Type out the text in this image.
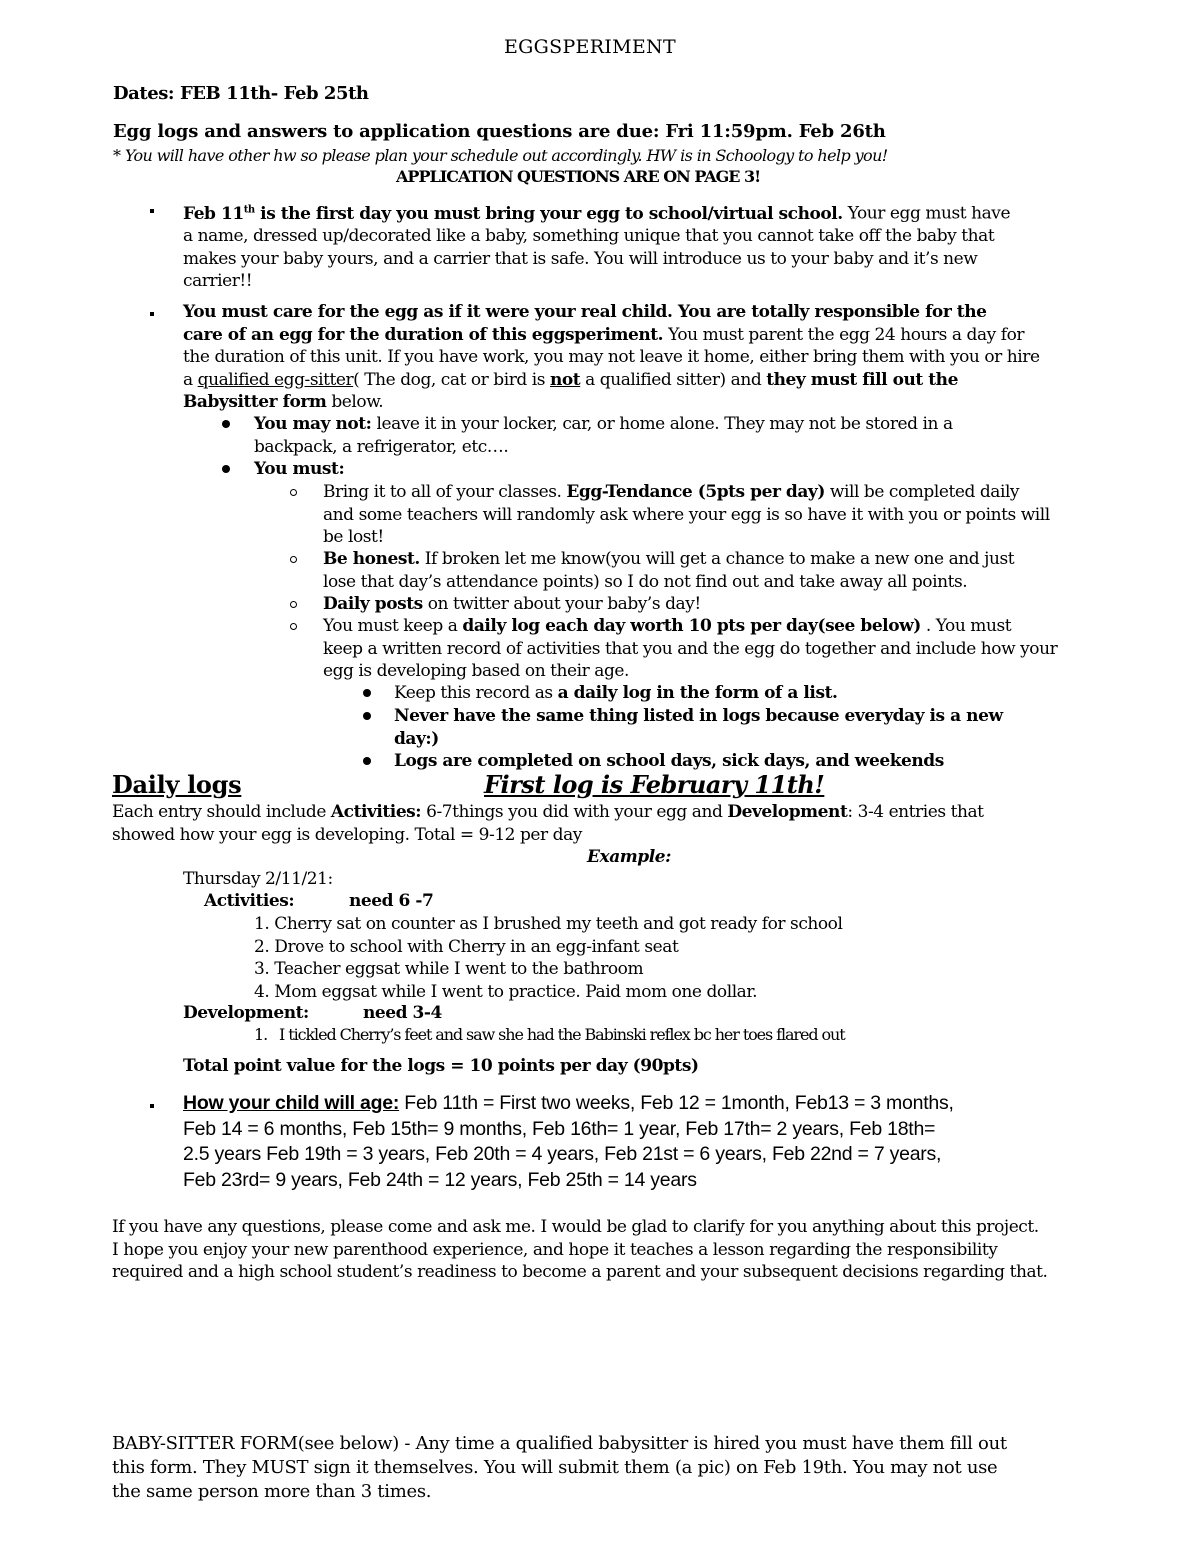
EGGSPERIMENT
Dates: FEB 11th- Feb 25th
Egg logs and answers to application questions are due: Fri 11:59pm. Feb 26th
* You will have other hw so please plan your schedule out accordingly. HW is in Schoology to help you!
APPLICATION QUESTIONS ARE ON PAGE 3!
Feb 11th is the first day you must bring your egg to school/virtual school. Your egg must have
a name, dressed up/decorated like a baby, something unique that you cannot take off the baby that
makes your baby yours, and a carrier that is safe. You will introduce us to your baby and it’s new
carrier!!
You must care for the egg as if it were your real child. You are totally responsible for the
care of an egg for the duration of this eggsperiment. You must parent the egg 24 hours a day for
the duration of this unit. If you have work, you may not leave it home, either bring them with you or hire
a qualified egg-sitter( The dog, cat or bird is not a qualified sitter) and they must fill out the
Babysitter form below.
You may not: leave it in your locker, car, or home alone. They may not be stored in a
backpack, a refrigerator, etc….
You must:
Bring it to all of your classes. Egg-Tendance (5pts per day) will be completed daily
and some teachers will randomly ask where your egg is so have it with you or points will
be lost!
Be honest. If broken let me know(you will get a chance to make a new one and just
lose that day’s attendance points) so I do not find out and take away all points.
Daily posts on twitter about your baby’s day!
You must keep a daily log each day worth 10 pts per day(see below) . You must
keep a written record of activities that you and the egg do together and include how your
egg is developing based on their age.
Keep this record as a daily log in the form of a list.
Never have the same thing listed in logs because everyday is a new
day:)
Logs are completed on school days, sick days, and weekends
Daily logs	First log is February 11th!
Each entry should include Activities: 6-7things you did with your egg and Development: 3-4 entries that
showed how your egg is developing. Total = 9-12 per day
Example:
Thursday 2/11/21:
Activities:	need 6 -7
1. Cherry sat on counter as I brushed my teeth and got ready for school
2. Drove to school with Cherry in an egg-infant seat
3. Teacher eggsat while I went to the bathroom
4. Mom eggsat while I went to practice. Paid mom one dollar.
Development:	need 3-4
1. I tickled Cherry’s feet and saw she had the Babinski reflex bc her toes flared out
Total point value for the logs = 10 points per day (90pts)
How your child will age: Feb 11th = First two weeks, Feb 12 = 1month, Feb13 = 3 months,
Feb 14 = 6 months, Feb 15th= 9 months, Feb 16th= 1 year, Feb 17th= 2 years, Feb 18th=
2.5 years Feb 19th = 3 years, Feb 20th = 4 years, Feb 21st = 6 years, Feb 22nd = 7 years,
Feb 23rd= 9 years, Feb 24th = 12 years, Feb 25th = 14 years
If you have any questions, please come and ask me. I would be glad to clarify for you anything about this project.
I hope you enjoy your new parenthood experience, and hope it teaches a lesson regarding the responsibility
required and a high school student’s readiness to become a parent and your subsequent decisions regarding that.
BABY-SITTER FORM(see below) - Any time a qualified babysitter is hired you must have them fill out
this form. They MUST sign it themselves. You will submit them (a pic) on Feb 19th. You may not use
the same person more than 3 times.
